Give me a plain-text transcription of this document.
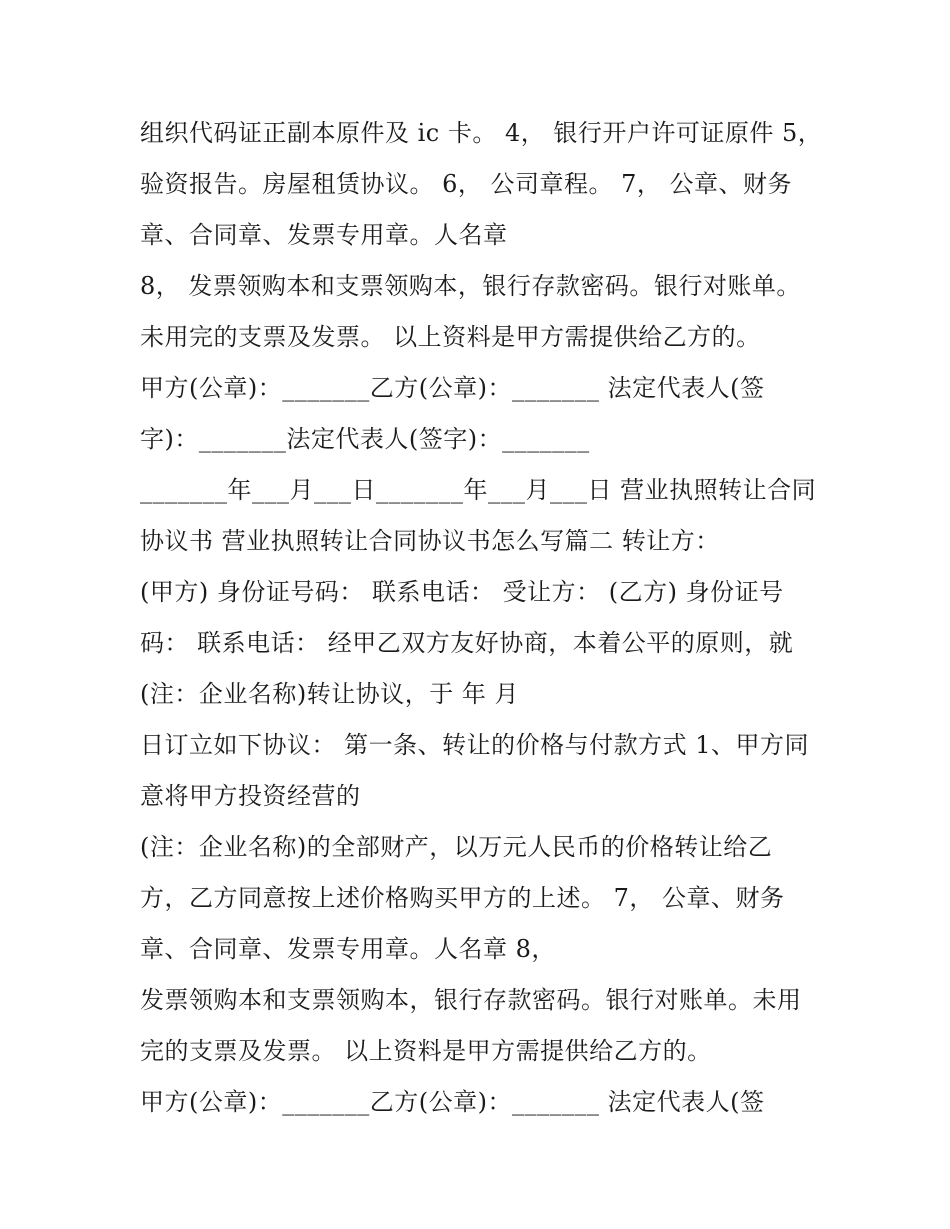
组织代码证正副本原件及 ic 卡。 4， 银行开户许可证原件 5，
验资报告。房屋租赁协议。 6， 公司章程。 7， 公章、财务
章、合同章、发票专用章。人名章
8， 发票领购本和支票领购本，银行存款密码。银行对账单。
未用完的支票及发票。 以上资料是甲方需提供给乙方的。
甲方(公章)：_______乙方(公章)：_______ 法定代表人(签
字)：_______法定代表人(签字)：_______
_______年___月___日_______年___月___日 营业执照转让合同
协议书 营业执照转让合同协议书怎么写篇二 转让方：
(甲方) 身份证号码： 联系电话： 受让方： (乙方) 身份证号
码： 联系电话： 经甲乙双方友好协商，本着公平的原则，就
(注：企业名称)转让协议，于 年 月
日订立如下协议： 第一条、转让的价格与付款方式 1、甲方同
意将甲方投资经营的
(注：企业名称)的全部财产，以万元人民币的价格转让给乙
方，乙方同意按上述价格购买甲方的上述。 7， 公章、财务
章、合同章、发票专用章。人名章 8，
发票领购本和支票领购本，银行存款密码。银行对账单。未用
完的支票及发票。 以上资料是甲方需提供给乙方的。
甲方(公章)：_______乙方(公章)：_______ 法定代表人(签
